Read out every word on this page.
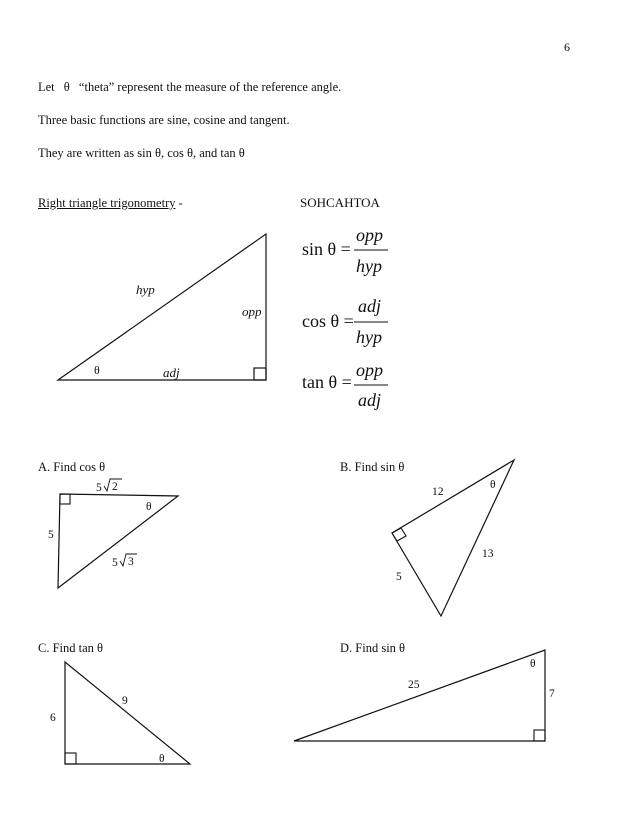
6
Let θ “theta” represent the measure of the reference angle.
Three basic functions are sine, cosine and tangent.
They are written as sin θ, cos θ, and tan θ
Right triangle trigonometry -	SOHCAHTOA
hyp
opp
adj
θ
sin θ =
opp
hyp
cos θ =
adj
hyp
tan θ =
opp
adj
A. Find cos θ
5 2
θ
5
5 3
B. Find sin θ
12
θ
13
5
C. Find tan θ
9
6
θ
D. Find sin θ
θ
25
7
